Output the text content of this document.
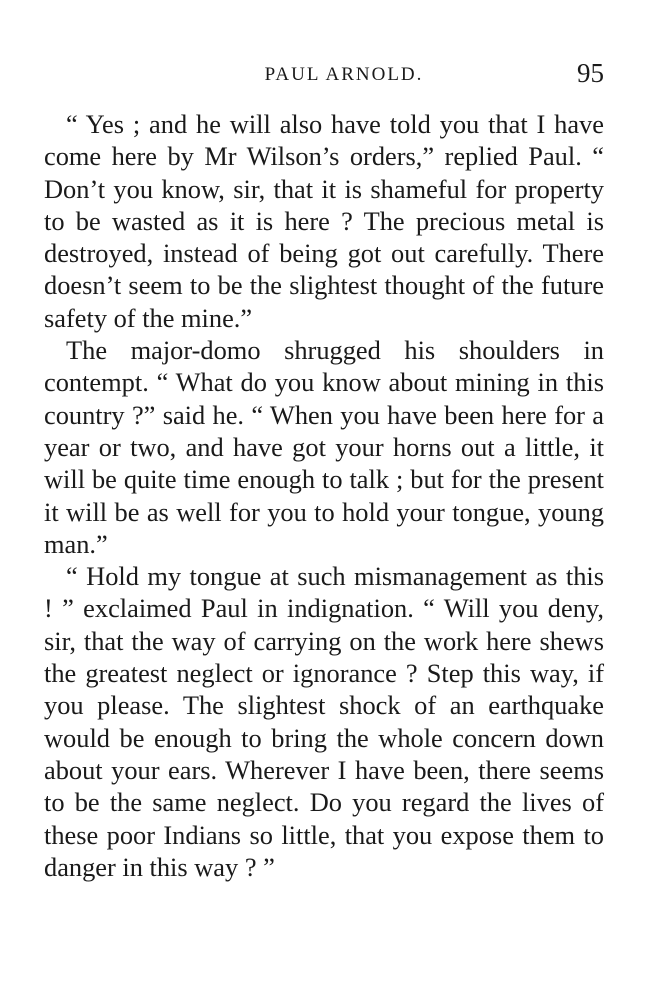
PAUL ARNOLD.	95

“ Yes ; and he will also have told you that I have come here by Mr Wilson’s orders,” replied Paul. “ Don’t you know, sir, that it is shameful for property to be wasted as it is here ? The precious metal is destroyed, instead of being got out carefully. There doesn’t seem to be the slightest thought of the future safety of the mine.”

The major-domo shrugged his shoulders in contempt. “ What do you know about mining in this country ?” said he. “ When you have been here for a year or two, and have got your horns out a little, it will be quite time enough to talk ; but for the present it will be as well for you to hold your tongue, young man.”

“ Hold my tongue at such mismanagement as this ! ” exclaimed Paul in indignation. “ Will you deny, sir, that the way of carrying on the work here shews the greatest neglect or ignorance ? Step this way, if you please. The slightest shock of an earthquake would be enough to bring the whole concern down about your ears. Wherever I have been, there seems to be the same neglect. Do you regard the lives of these poor Indians so little, that you expose them to danger in this way ? ”
